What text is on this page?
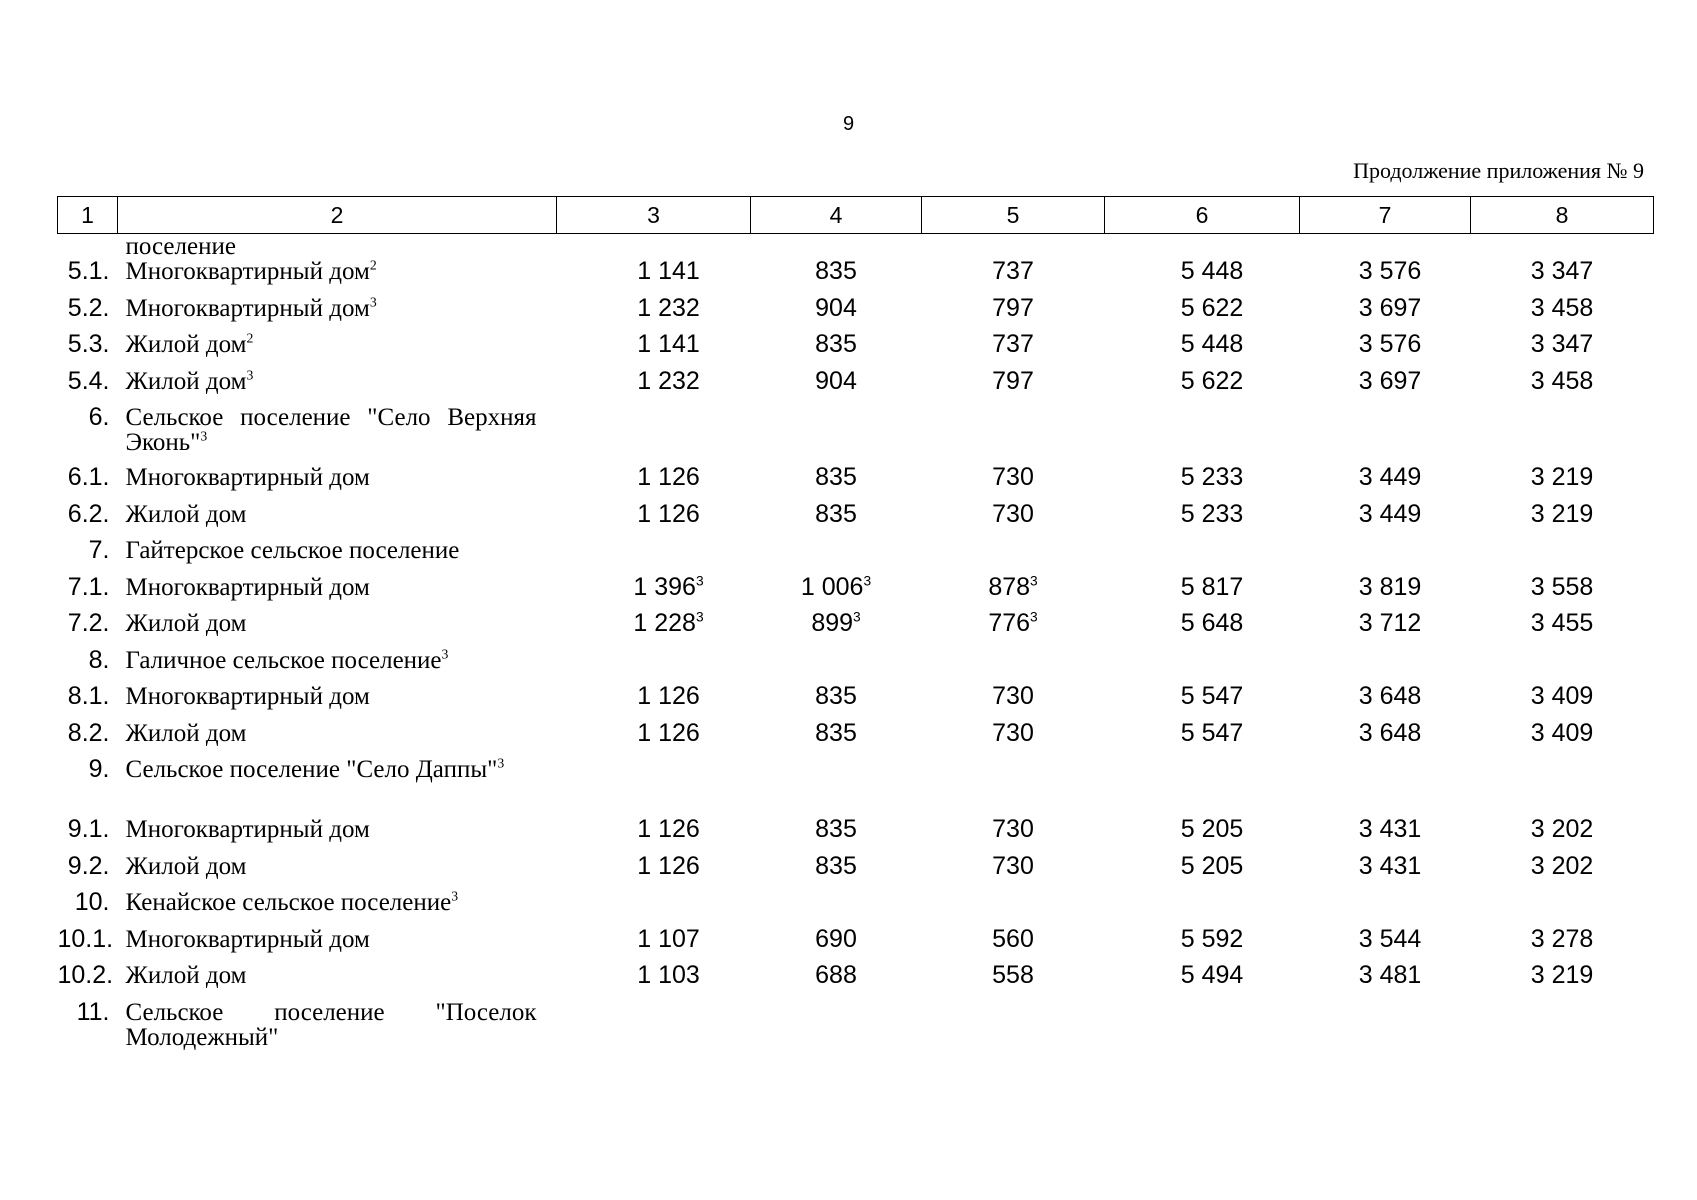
9
Продолжение приложения № 9
1	2	3	4	5	6	7	8
	поселение						
5.1.	Многоквартирный дом$^2$	1 141	835	737	5 448	3 576	3 347
5.2.	Многоквартирный дом$^3$	1 232	904	797	5 622	3 697	3 458
5.3.	Жилой дом$^2$	1 141	835	737	5 448	3 576	3 347
5.4.	Жилой дом$^3$	1 232	904	797	5 622	3 697	3 458
6.	Сельское поселение "Село Верхняя Эконь"$^3$						
6.1.	Многоквартирный дом	1 126	835	730	5 233	3 449	3 219
6.2.	Жилой дом	1 126	835	730	5 233	3 449	3 219
7.	Гайтерское сельское поселение						
7.1.	Многоквартирный дом	1 $396^3$	1 $006^3$	$878^3$	5 817	3 819	3 558
7.2.	Жилой дом	1 $228^3$	$899^3$	$776^3$	5 648	3 712	3 455
8.	Галичное сельское поселение$^3$						
8.1.	Многоквартирный дом	1 126	835	730	5 547	3 648	3 409
8.2.	Жилой дом	1 126	835	730	5 547	3 648	3 409
9.	Сельское поселение "Село Даппы"$^3$						
9.1.	Многоквартирный дом	1 126	835	730	5 205	3 431	3 202
9.2.	Жилой дом	1 126	835	730	5 205	3 431	3 202
10.	Кенайское сельское поселение$^3$						
10.1.	Многоквартирный дом	1 107	690	560	5 592	3 544	3 278
10.2.	Жилой дом	1 103	688	558	5 494	3 481	3 219
11.	Сельское поселение "Поселок Молодежный"						
